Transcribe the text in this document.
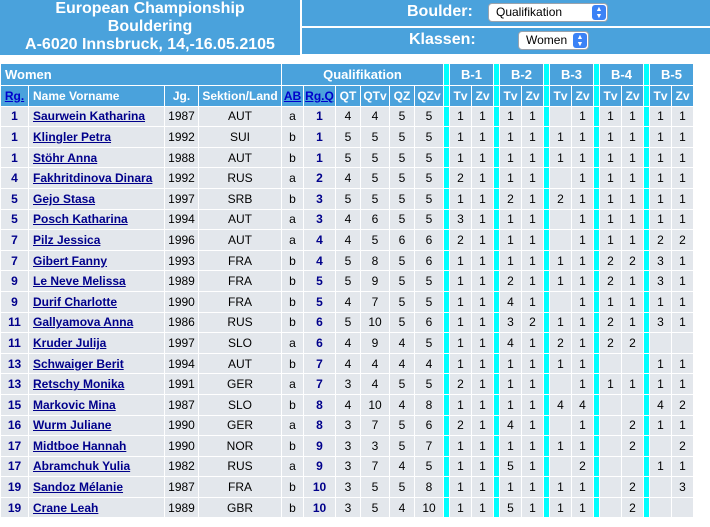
European Championship
Bouldering
A-6020 Innsbruck, 14,-16.05.2105
Boulder:	Qualifikation	▲
▼
Klassen:	Women	▲
▼
Women				Qualifikation							B-1			B-2			B-3			B-4			B-5	
Rg.	Name Vorname	Jg.	Sektion/Land	AB	Rg.Q	QT	QTv	QZ	QZv		Tv	Zv		Tv	Zv		Tv	Zv		Tv	Zv		Tv	Zv
1	Saurwein Katharina	1987	AUT	a	1	4	4	5	5		1	1		1	1			1		1	1		1	1
1	Klingler Petra	1992	SUI	b	1	5	5	5	5		1	1		1	1		1	1		1	1		1	1
1	Stöhr Anna	1988	AUT	b	1	5	5	5	5		1	1		1	1		1	1		1	1		1	1
4	Fakhritdinova Dinara	1992	RUS	a	2	4	5	5	5		2	1		1	1			1		1	1		1	1
5	Gejo Stasa	1997	SRB	b	3	5	5	5	5		1	1		2	1		2	1		1	1		1	1
5	Posch Katharina	1994	AUT	a	3	4	6	5	5		3	1		1	1			1		1	1		1	1
7	Pilz Jessica	1996	AUT	a	4	4	5	6	6		2	1		1	1			1		1	1		2	2
7	Gibert Fanny	1993	FRA	b	4	5	8	5	6		1	1		1	1		1	1		2	2		3	1
9	Le Neve Melissa	1989	FRA	b	5	5	9	5	5		1	1		2	1		1	1		2	1		3	1
9	Durif Charlotte	1990	FRA	b	5	4	7	5	5		1	1		4	1			1		1	1		1	1
11	Gallyamova Anna	1986	RUS	b	6	5	10	5	6		1	1		3	2		1	1		2	1		3	1
11	Kruder Julija	1997	SLO	a	6	4	9	4	5		1	1		4	1		2	1		2	2			
13	Schwaiger Berit	1994	AUT	b	7	4	4	4	4		1	1		1	1		1	1					1	1
13	Retschy Monika	1991	GER	a	7	3	4	5	5		2	1		1	1			1		1	1		1	1
15	Markovic Mina	1987	SLO	b	8	4	10	4	8		1	1		1	1		4	4					4	2
16	Wurm Juliane	1990	GER	a	8	3	7	5	6		2	1		4	1			1			2		1	1
17	Midtboe Hannah	1990	NOR	b	9	3	3	5	7		1	1		1	1		1	1			2			2
17	Abramchuk Yulia	1982	RUS	a	9	3	7	4	5		1	1		5	1			2					1	1
19	Sandoz Mélanie	1987	FRA	b	10	3	5	5	8		1	1		1	1		1	1			2			3
19	Crane Leah	1989	GBR	b	10	3	5	4	10		1	1		5	1		1	1			2			
